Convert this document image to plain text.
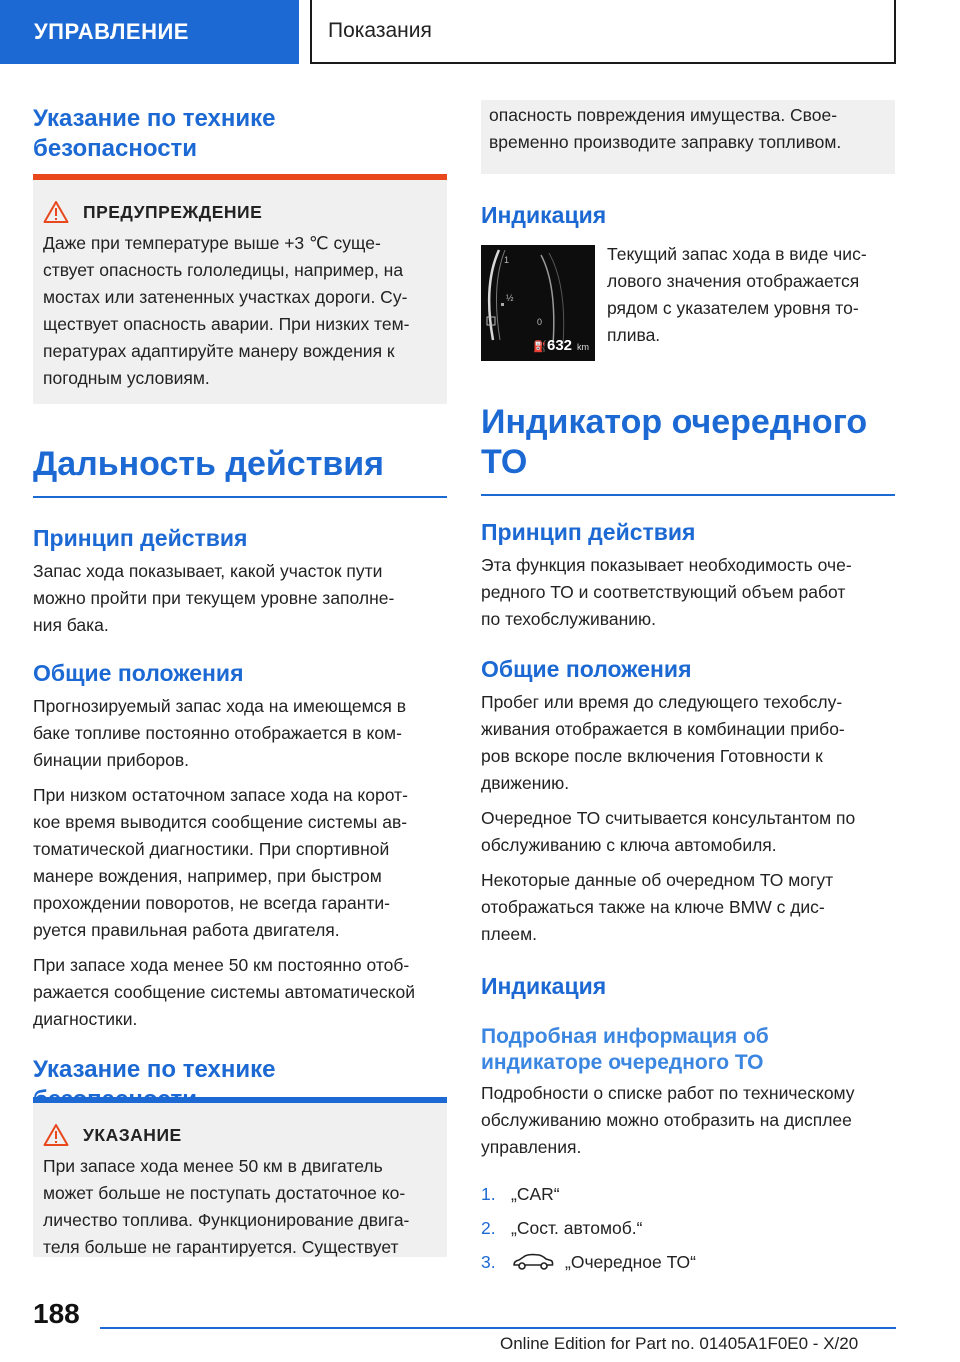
УПРАВЛЕНИЕ	Показания
Указание по технике
безопасности
ПРЕДУПРЕЖДЕНИЕ

Даже при температуре выше +3 ℃ суще-

ствует опасность гололедицы, например, на

мостах или затененных участках дороги. Су-

ществует опасность аварии. При низких тем-

пературах адаптируйте манеру вождения к

погодным условиям.

Дальность действия
Принцип действия

Запас хода показывает, какой участок пути

можно пройти при текущем уровне заполне-

ния бака.

Общие положения

Прогнозируемый запас хода на имеющемся в

баке топливе постоянно отображается в ком-

бинации приборов.

При низком остаточном запасе хода на корот-

кое время выводится сообщение системы ав-

томатической диагностики. При спортивной

манере вождения, например, при быстром

прохождении поворотов, не всегда гаранти-

руется правильная работа двигателя.

При запасе хода менее 50 км постоянно отоб-

ражается сообщение системы автоматической

диагностики.

Указание по технике
УКАЗАНИЕ

При запасе хода менее 50 км в двигатель

может больше не поступать достаточное ко-

личество топлива. Функционирование двига-

теля больше не гарантируется. Существует

опасность повреждения имущества. Свое-

временно производите заправку топливом.

Индикация
1
½
0
⛽ 632 km

Текущий запас хода в виде чис-

лового значения отображается

рядом с указателем уровня то-

плива.

Индикатор очередного ТО
Принцип действия

Эта функция показывает необходимость оче-

редного ТО и соответствующий объем работ

по техобслуживанию.

Общие положения

Пробег или время до следующего техобслу-

живания отображается в комбинации прибо-

ров вскоре после включения Готовности к

движению.

Очередное ТО считывается консультантом по

обслуживанию с ключа автомобиля.

Некоторые данные об очередном ТО могут

отображаться также на ключе BMW с дис-

плеем.

Индикация
Подробная информация об
индикаторе очередного ТО

Подробности о списке работ по техническому

обслуживанию можно отобразить на дисплее

управления.

1. „CAR“
2. „Сост. автомоб.“
3.	„Очередное ТО“
188
Online Edition for Part no. 01405A1F0E0 - X/20
